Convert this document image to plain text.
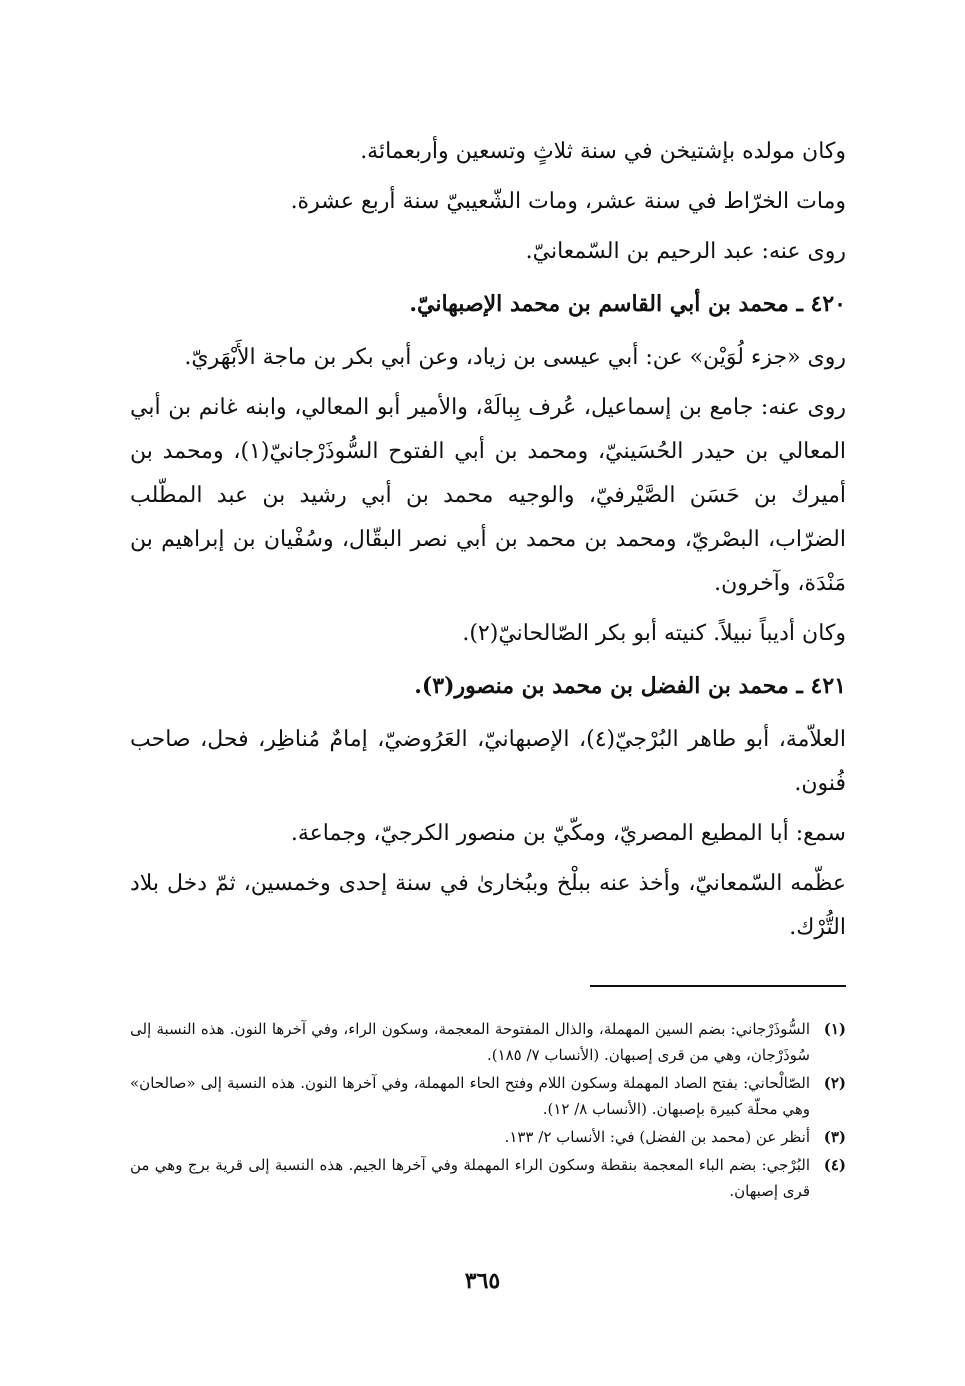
وكان مولده بإشتيخن في سنة ثلاثٍ وتسعين وأربعمائة.

ومات الخرّاط في سنة عشر، ومات الشّعيبيّ سنة أربع عشرة.

روى عنه: عبد الرحيم بن السّمعانيّ.

٤٢٠ ـ محمد بن أبي القاسم بن محمد الإصبهانيّ.

روى «جزء لُوَيْن» عن: أبي عيسى بن زياد، وعن أبي بكر بن ماجة الأَبْهَريّ.

روى عنه: جامع بن إسماعيل، عُرف بِبالَهْ، والأمير أبو المعالي، وابنه غانم بن أبي المعالي بن حيدر الحُسَينيّ، ومحمد بن أبي الفتوح السُّوذَرْجانيّ(١)، ومحمد بن أميرك بن حَسَن الصَّيْرفيّ، والوجيه محمد بن أبي رشيد بن عبد المطّلب الضرّاب، البصْريّ، ومحمد بن محمد بن أبي نصر البقّال، وسُفْيان بن إبراهيم بن مَنْدَة، وآخرون.

وكان أديباً نبيلاً. كنيته أبو بكر الصّالحانيّ(٢).

٤٢١ ـ محمد بن الفضل بن محمد بن منصور(٣).

العلاّمة، أبو طاهر البُرْجيّ(٤)، الإصبهانيّ، العَرُوضيّ، إمامٌ مُناظِر، فحل، صاحب فُنون.

سمع: أبا المطيع المصريّ، ومكّيّ بن منصور الكرجيّ، وجماعة.

عظّمه السّمعانيّ، وأخذ عنه ببلْخ وببُخارىٰ في سنة إحدى وخمسين، ثمّ دخل بلاد التُّرْك.

(١)
السُّوذَرْجاني: بضم السين المهملة، والذال المفتوحة المعجمة، وسكون الراء، وفي آخرها النون. هذه النسبة إلى سُوذَرْجان، وهي من قرى إصبهان. (الأنساب ٧/ ١٨٥).
(٢)
الصّالْحاني: بفتح الصاد المهملة وسكون اللام وفتح الحاء المهملة، وفي آخرها النون. هذه النسبة إلى «صالحان» وهي محلّة كبيرة بإصبهان. (الأنساب ٨/ ١٢).
(٣)
أنظر عن (محمد بن الفضل) في: الأنساب ٢/ ١٣٣.
(٤)
البُرْجي: بضم الباء المعجمة بنقطة وسكون الراء المهملة وفي آخرها الجيم. هذه النسبة إلى قرية برج وهي من قرى إصبهان.
٣٦٥
